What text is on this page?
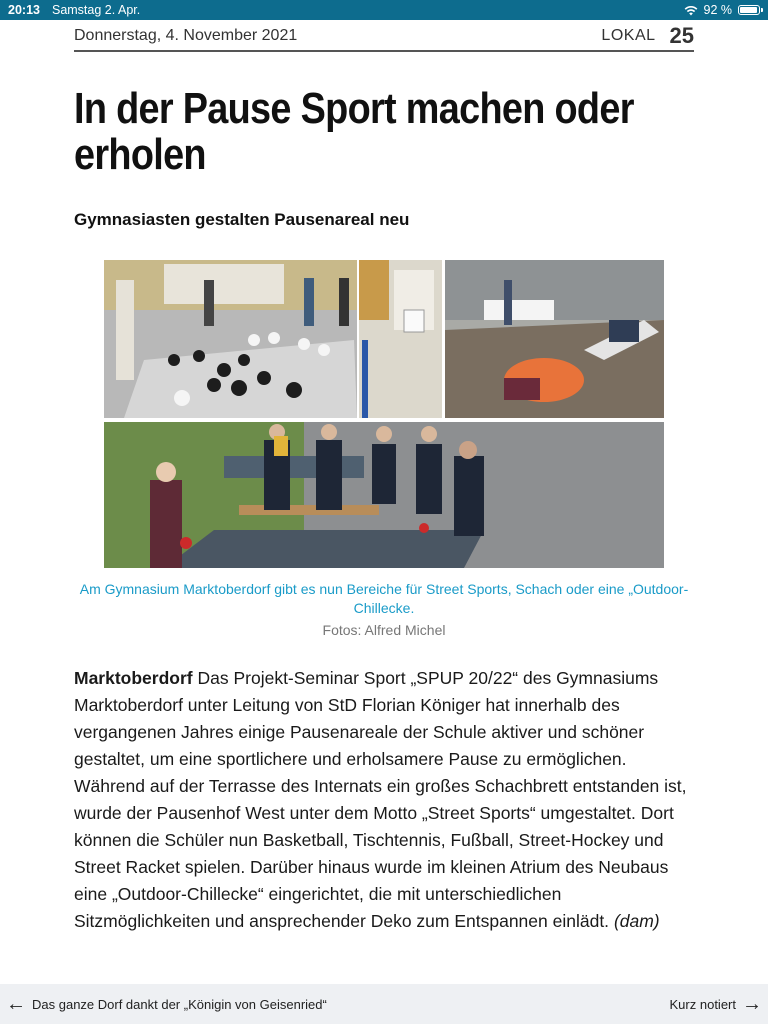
20:13 Samstag 2. Apr.	92 %
Donnerstag, 4. November 2021	LOKAL 25
In der Pause Sport machen oder erholen
Gymnasiasten gestalten Pausenareal neu
Am Gymnasium Marktoberdorf gibt es nun Bereiche für Street Sports, Schach oder eine „Outdoor-Chillecke.
Fotos: Alfred Michel

Marktoberdorf Das Projekt-Seminar Sport „SPUP 20/22“ des Gymnasiums Marktoberdorf unter Leitung von StD Florian Königer hat innerhalb des vergangenen Jahres einige Pausenareale der Schule aktiver und schöner gestaltet, um eine sportlichere und erholsamere Pause zu ermöglichen. Während auf der Terrasse des Internats ein großes Schachbrett entstanden ist, wurde der Pausenhof West unter dem Motto „Street Sports“ umgestaltet. Dort können die Schüler nun Basketball, Tischtennis, Fußball, Street-Hockey und Street Racket spielen. Darüber hinaus wurde im kleinen Atrium des Neubaus eine „Outdoor-Chillecke“ eingerichtet, die mit unterschiedlichen Sitzmöglichkeiten und ansprechender Deko zum Entspannen einlädt. (dam)

← Das ganze Dorf dankt der „Königin von Geisenried“	Kurz notiert →
